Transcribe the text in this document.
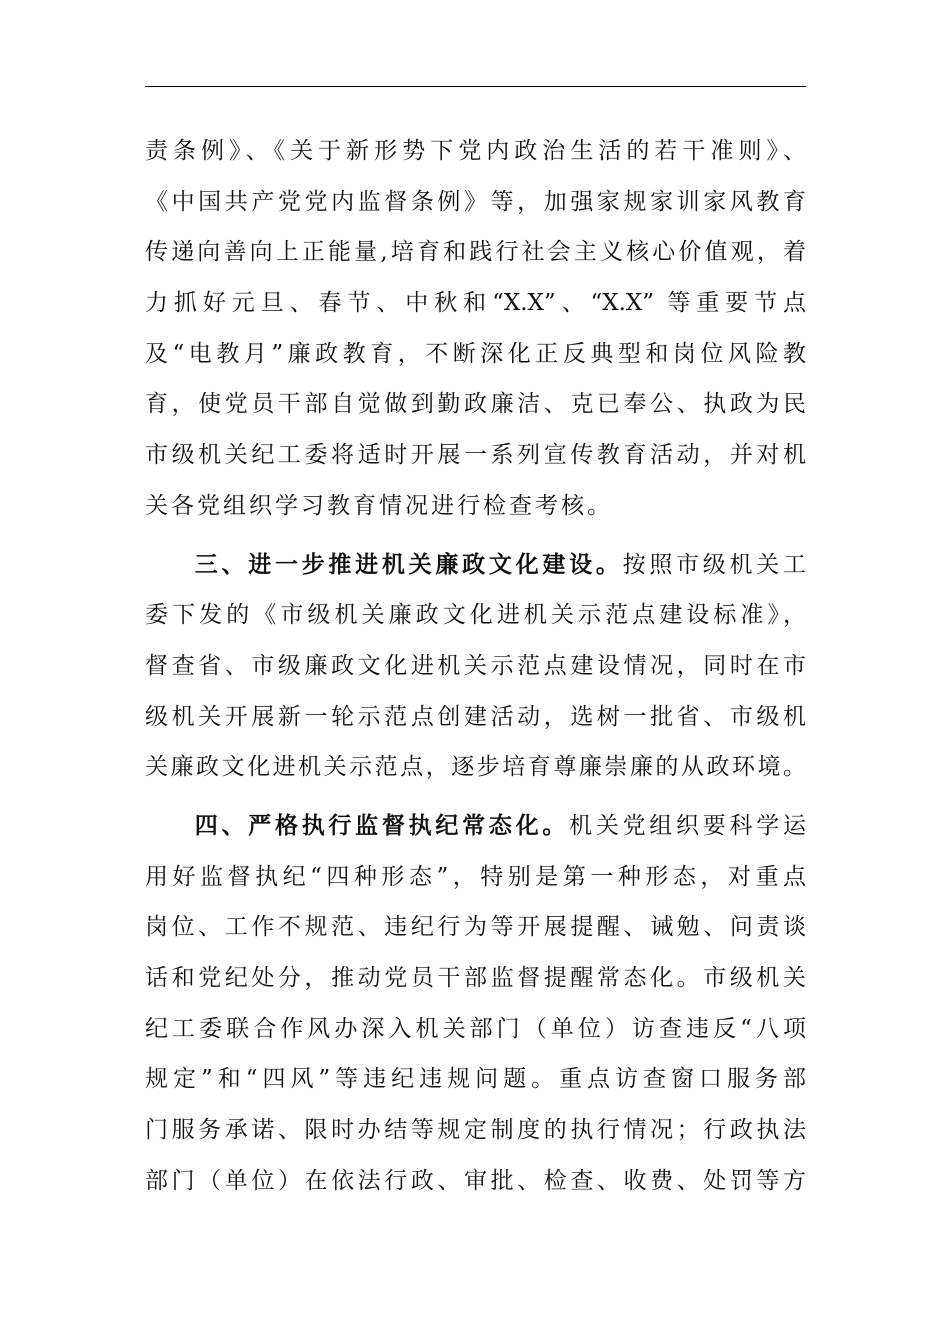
责条例》、《关于新形势下党内政治生活的若干准则》、
《中国共产党党内监督条例》等，加强家规家训家风教育
传递向善向上正能量,培育和践行社会主义核心价值观，着
力抓好元旦、春节、中秋和“X.X”、“X.X” 等重要节点
及“电教月”廉政教育，不断深化正反典型和岗位风险教
育，使党员干部自觉做到勤政廉洁、克已奉公、执政为民
市级机关纪工委将适时开展一系列宣传教育活动，并对机
关各党组织学习教育情况进行检查考核。
三、进一步推进机关廉政文化建设。按照市级机关工
委下发的《市级机关廉政文化进机关示范点建设标准》，
督查省、市级廉政文化进机关示范点建设情况，同时在市
级机关开展新一轮示范点创建活动，选树一批省、市级机
关廉政文化进机关示范点，逐步培育尊廉崇廉的从政环境。
四、严格执行监督执纪常态化。机关党组织要科学运
用好监督执纪“四种形态”，特别是第一种形态，对重点
岗位、工作不规范、违纪行为等开展提醒、诫勉、问责谈
话和党纪处分，推动党员干部监督提醒常态化。市级机关
纪工委联合作风办深入机关部门（单位）访查违反“八项
规定”和“四风”等违纪违规问题。重点访查窗口服务部
门服务承诺、限时办结等规定制度的执行情况；行政执法
部门（单位）在依法行政、审批、检查、收费、处罚等方
